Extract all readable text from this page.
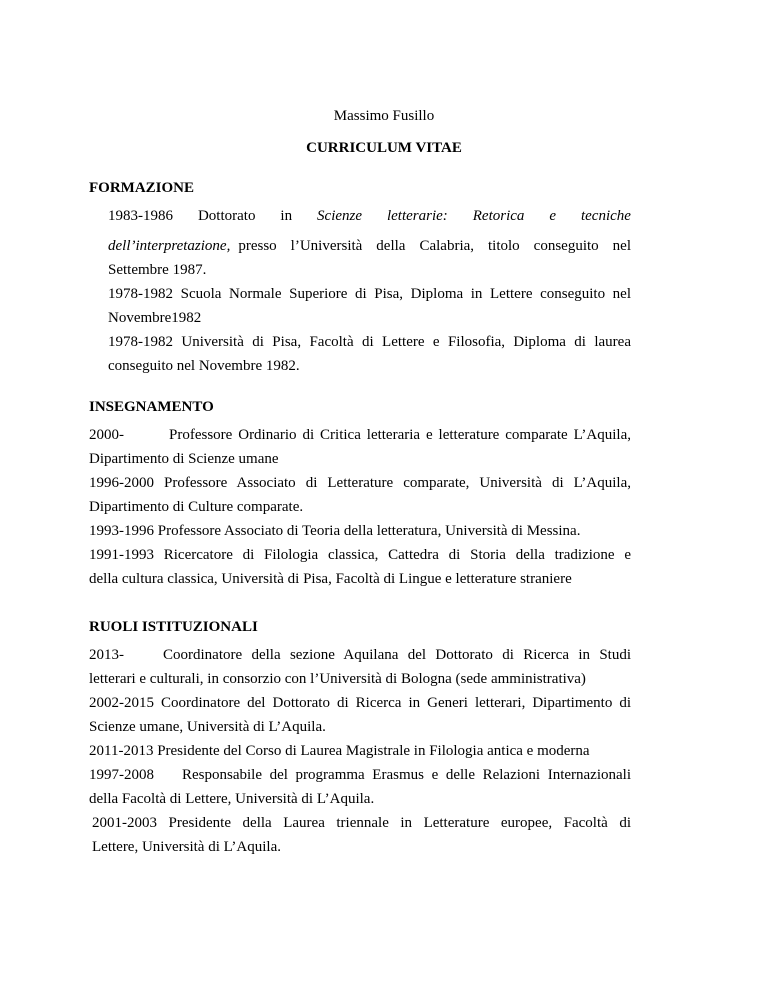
Massimo Fusillo
CURRICULUM VITAE
FORMAZIONE
1983-1986 Dottorato in Scienze letterarie: Retorica e tecniche
dell’interpretazione, presso l’Università della Calabria, titolo conseguito nel
Settembre 1987.
1978-1982 Scuola Normale Superiore di Pisa, Diploma in Lettere conseguito nel
Novembre1982
1978-1982 Università di Pisa, Facoltà di Lettere e Filosofia, Diploma di laurea
conseguito nel Novembre 1982.
INSEGNAMENTO
2000-	Professore Ordinario di Critica letteraria e letterature comparate L’Aquila,
Dipartimento di Scienze umane
1996-2000 Professore Associato di Letterature comparate, Università di L’Aquila,
Dipartimento di Culture comparate.
1993-1996 Professore Associato di Teoria della letteratura, Università di Messina.
1991-1993 Ricercatore di Filologia classica, Cattedra di Storia della tradizione e
della cultura classica, Università di Pisa, Facoltà di Lingue e letterature straniere
RUOLI ISTITUZIONALI
2013-	Coordinatore della sezione Aquilana del Dottorato di Ricerca in Studi
letterari e culturali, in consorzio con l’Università di Bologna (sede amministrativa)
2002-2015 Coordinatore del Dottorato di Ricerca in Generi letterari, Dipartimento di
Scienze umane, Università di L’Aquila.
2011-2013 Presidente del Corso di Laurea Magistrale in Filologia antica e moderna
1997-2008 Responsabile del programma Erasmus e delle Relazioni Internazionali
della Facoltà di Lettere, Università di L’Aquila.
2001-2003 Presidente della Laurea triennale in Letterature europee, Facoltà di
Lettere, Università di L’Aquila.
